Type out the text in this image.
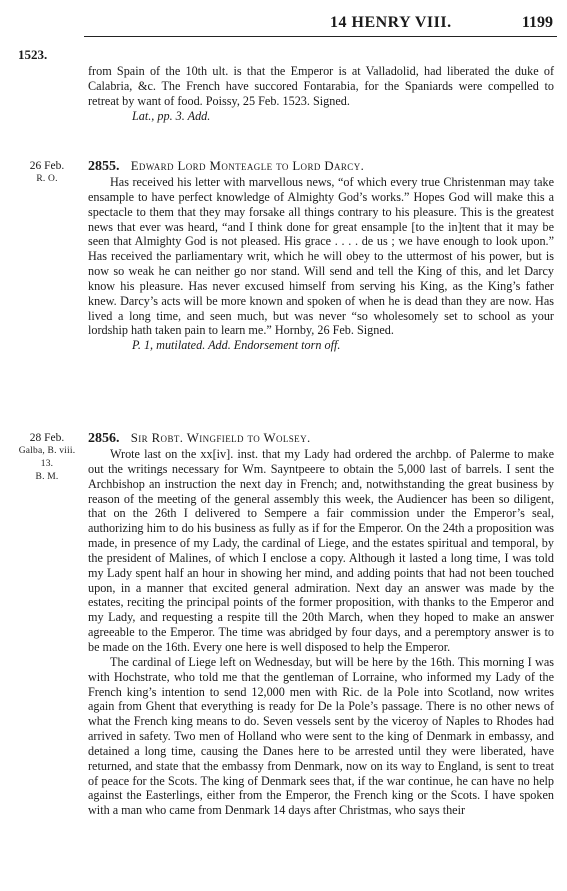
14 HENRY VIII.	1199
1523.

from Spain of the 10th ult. is that the Emperor is at Valladolid, had liberated the duke of Calabria, &c. The French have succored Fontarabia, for the Spaniards were compelled to retreat by want of food. Poissy, 25 Feb. 1523. Signed.

Lat., pp. 3. Add.

26 Feb.
R. O.
2855. Edward Lord Monteagle to Lord Darcy.

Has received his letter with marvellous news, “of which every true Christenman may take ensample to have perfect knowledge of Almighty God’s works.” Hopes God will make this a spectacle to them that they may forsake all things contrary to his pleasure. This is the greatest news that ever was heard, “and I think done for great ensample [to the in]tent that it may be seen that Almighty God is not pleased. His grace . . . . de us ; we have enough to look upon.” Has received the parliamentary writ, which he will obey to the uttermost of his power, but is now so weak he can neither go nor stand. Will send and tell the King of this, and let Darcy know his pleasure. Has never excused himself from serving his King, as the King’s father knew. Darcy’s acts will be more known and spoken of when he is dead than they are now. Has lived a long time, and seen much, but was never “so wholesomely set to school as your lordship hath taken pain to learn me.” Hornby, 26 Feb. Signed.

P. 1, mutilated. Add. Endorsement torn off.

28 Feb.
Galba, B. viii.
13.
B. M.
2856. Sir Robt. Wingfield to Wolsey.

Wrote last on the xx[iv]. inst. that my Lady had ordered the archbp. of Palerme to make out the writings necessary for Wm. Sayntpeere to obtain the 5,000 last of barrels. I sent the Archbishop an instruction the next day in French; and, notwithstanding the great business by reason of the meeting of the general assembly this week, the Audiencer has been so diligent, that on the 26th I delivered to Sempere a fair commission under the Emperor’s seal, authorizing him to do his business as fully as if for the Emperor. On the 24th a proposition was made, in presence of my Lady, the cardinal of Liege, and the estates spiritual and temporal, by the president of Malines, of which I enclose a copy. Although it lasted a long time, I was told my Lady spent half an hour in showing her mind, and adding points that had not been touched upon, in a manner that excited general admiration. Next day an answer was made by the estates, reciting the principal points of the former proposition, with thanks to the Emperor and my Lady, and requesting a respite till the 20th March, when they hoped to make an answer agreeable to the Emperor. The time was abridged by four days, and a peremptory answer is to be made on the 16th. Every one here is well disposed to help the Emperor.

The cardinal of Liege left on Wednesday, but will be here by the 16th. This morning I was with Hochstrate, who told me that the gentleman of Lorraine, who informed my Lady of the French king’s intention to send 12,000 men with Ric. de la Pole into Scotland, now writes again from Ghent that everything is ready for De la Pole’s passage. There is no other news of what the French king means to do. Seven vessels sent by the viceroy of Naples to Rhodes had arrived in safety. Two men of Holland who were sent to the king of Denmark in embassy, and detained a long time, causing the Danes here to be arrested until they were liberated, have returned, and state that the embassy from Denmark, now on its way to England, is sent to treat of peace for the Scots. The king of Denmark sees that, if the war continue, he can have no help against the Easterlings, either from the Emperor, the French king or the Scots. I have spoken with a man who came from Denmark 14 days after Christmas, who says their
